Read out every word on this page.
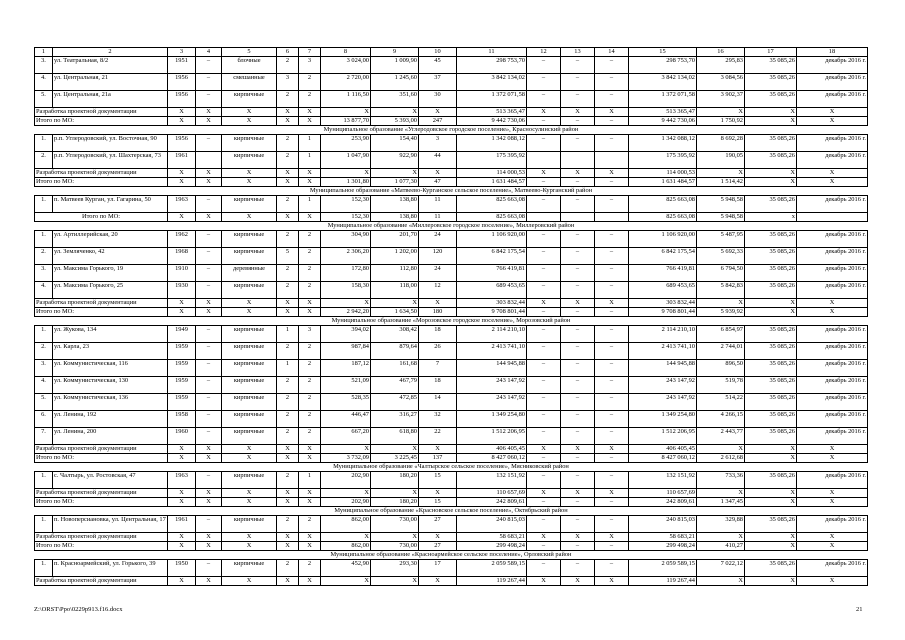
1	2	3	4	5	6	7	8	9	10	11	12	13	14	15	16	17	18
3.	ул. Театральная, 8/2	1951	–	блочные	2	3	3 024,00	1 009,90	45	298 753,70	–	–	–	298 753,70	295,83	35 085,26	декабрь 2016 г.
4.	ул. Центральная, 21	1956	–	смешанные	3	2	2 720,00	1 245,60	37	3 842 134,02	–	–	–	3 842 134,02	3 084,56	35 085,26	декабрь 2016 г.
5.	ул. Центральная, 21а	1956	–	кирпичные	2	2	1 116,50	351,60	30	1 372 071,58	–	–	–	1 372 071,58	3 902,37	35 085,26	декабрь 2016 г.
Разработка проектной документации		X	X	X	X	X	X	X	X	513 365,47	X	X	X	513 365,47	X	X	X
Итого по МО:		X	X	X	X	X	13 877,70	5 393,00	247	9 442 730,06	–	–	–	9 442 730,06	1 750,92	X	X
Муниципальное образование «Углеродовское городское поселение», Красносулинский район																	
1.	р.п. Углеродовский, ул. Восточная, 90	1956	–	кирпичные	2	1	253,90	154,40	3	1 342 088,12	–	–	–	1 342 088,12	8 692,28	35 085,26	декабрь 2016 г.
2.	р.п. Углеродовский, ул. Шахтерская, 73	1961		кирпичные	2	1	1 047,90	922,90	44	175 395,92				175 395,92	190,05	35 085,26	декабрь 2016 г.
Разработка проектной документации		X	X	X	X	X	X	X	X	114 000,53	X	X	X	114 000,53	X	X	X
Итого по МО:		X	X	X	X	X	1 301,80	1 077,30	47	1 631 484,57	–	–	–	1 631 484,57	1 514,42	X	X
Муниципальное образование «Матвеево-Курганское сельское поселение», Матвеево-Курганский район																	
1.	п. Матвеев Курган, ул. Гагарина, 50	1963	–	кирпичные	2	1	152,30	138,80	11	825 663,08	–	–	–	825 663,08	5 948,58	35 085,26	декабрь 2016 г.
Итого по МО:		X	X	X	X	X	152,30	138,80	11	825 663,08				825 663,08	5 948,58	x	
Муниципальное образование «Миллеровское городское поселение», Миллеровский район																	
1.	ул. Артиллерийская, 20	1962	–	кирпичные	2	2	304,90	201,70	24	1 106 920,00	–	–	–	1 106 920,00	5 487,95	35 085,26	декабрь 2016 г.
2.	ул. Земляченко, 42	1968	–	кирпичные	5	2	2 306,20	1 202,00	120	6 842 175,54	–	–	–	6 842 175,54	5 692,33	35 085,26	декабрь 2016 г.
3.	ул. Максима Горького, 19	1910	–	деревянные	2	2	172,80	112,80	24	766 419,81	–	–	–	766 419,81	6 794,50	35 085,26	декабрь 2016 г.
4.	ул. Максима Горького, 25	1930	–	кирпичные	2	2	158,30	118,00	12	689 453,65	–	–	–	689 453,65	5 842,83	35 085,26	декабрь 2016 г.
Разработка проектной документации		X	X	X	X	X	X	X	X	303 832,44	X	X	X	303 832,44	X	X	X
Итого по МО:		X	X	X	X	X	2 942,20	1 634,50	180	9 708 801,44	–	–	–	9 708 801,44	5 939,92	X	X
Муниципальное образование «Морозовское городское поселение», Морозовский район																	
1.	ул. Жукова, 134	1949	–	кирпичные	1	3	394,02	308,42	18	2 114 210,10	–	–	–	2 114 210,10	6 854,97	35 085,26	декабрь 2016 г.
2.	ул. Карла, 23	1959	–	кирпичные	2	2	987,84	879,64	26	2 413 741,10	–	–	–	2 413 741,10	2 744,01	35 085,26	декабрь 2016 г.
3.	ул. Коммунистическая, 116	1959	–	кирпичные	1	2	187,12	161,68	7	144 945,88	–	–	–	144 945,88	896,50	35 085,26	декабрь 2016 г.
4.	ул. Коммунистическая, 130	1959	–	кирпичные	2	2	521,09	467,79	18	243 147,92	–	–	–	243 147,92	519,78	35 085,26	декабрь 2016 г.
5.	ул. Коммунистическая, 136	1959	–	кирпичные	2	2	528,35	472,85	14	243 147,92	–	–	–	243 147,92	514,22	35 085,26	декабрь 2016 г.
6.	ул. Ленина, 192	1958	–	кирпичные	2	2	446,47	316,27	32	1 349 254,80	–	–	–	1 349 254,80	4 266,15	35 085,26	декабрь 2016 г.
7.	ул. Ленина, 200	1960	–	кирпичные	2	2	667,20	618,80	22	1 512 206,95	–	–	–	1 512 206,95	2 443,77	35 085,26	декабрь 2016 г.
Разработка проектной документации		X	X	X	X	X	X	X	X	406 405,45	X	X	X	406 405,45	X	X	X
Итого по МО:		X	X	X	X	X	3 732,09	3 225,45	137	8 427 060,12	–	–	–	8 427 060,12	2 612,68	X	X
Муниципальное образование «Чалтырское сельское поселение», Мясниковский район																	
1.	с. Чалтырь, ул. Ростовская, 47	1963	–	кирпичные	2	1	202,90	180,20	15	132 151,92	–	–	–	132 151,92	733,36	35 085,26	декабрь 2016 г.
Разработка проектной документации		X	X	X	X	X	X	X	X	110 657,69	X	X	X	110 657,69	X	X	X
Итого по МО:		X	X	X	X	X	202,90	180,20	15	242 809,61	–	–	–	242 809,61	1 347,45	X	X
Муниципальное образование «Красновское сельское поселение», Октябрьский район																	
1.	п. Новоперсиановка, ул. Центральная, 17	1961	–	кирпичные	2	2	862,00	730,00	27	240 815,03	–	–	–	240 815,03	329,88	35 085,26	декабрь 2016 г.
Разработка проектной документации		X	X	X	X	X	X	X	X	58 683,21	X	X	X	58 683,21	X	X	X
Итого по МО:		X	X	X	X	X	862,00	730,00	27	299 498,24	–	–	–	299 498,24	410,27	X	X
Муниципальное образование «Красноармейское сельское поселение», Орловский район																	
1.	п. Красноармейский, ул. Горького, 39	1950	–	кирпичные	2	2	452,90	293,30	17	2 059 589,15	–	–	–	2 059 589,15	7 022,12	35 085,26	декабрь 2016 г.
Разработка проектной документации		X	X	X	X	X	X	X	X	119 267,44	X	X	X	119 267,44	X	X	X
Z:\ORST\Ppo\0229p913.f16.docx	21
